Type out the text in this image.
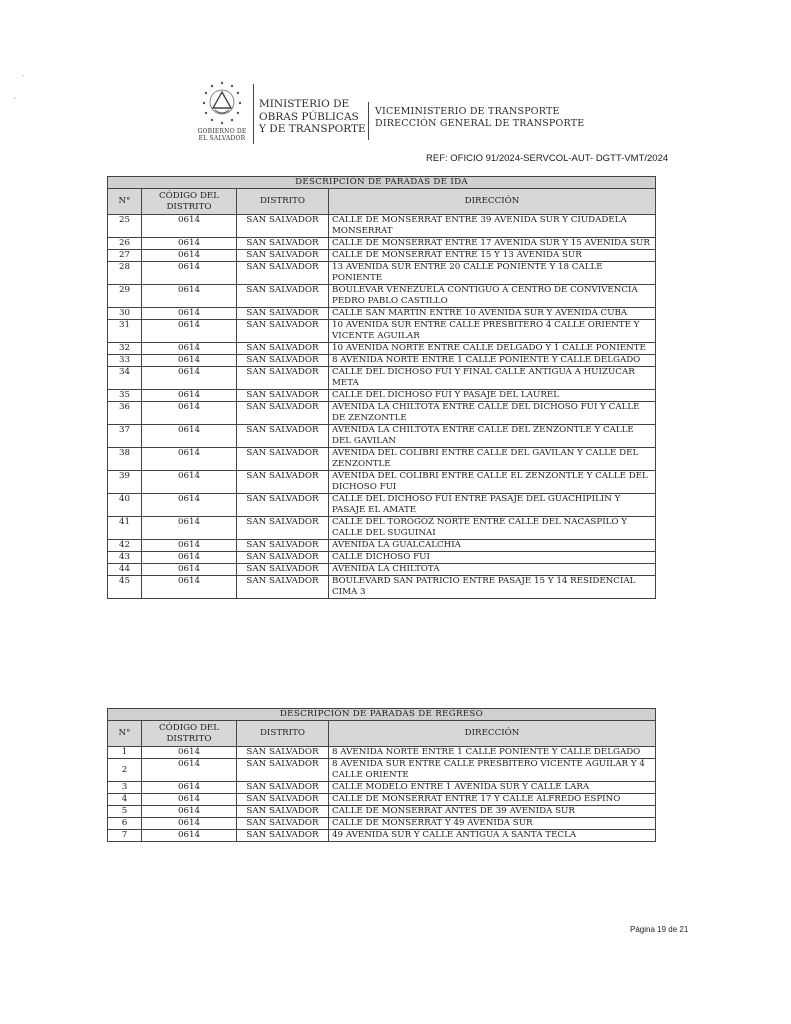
.
,
GOBIERNO DE
EL SALVADOR
MINISTERIO DE
OBRAS PÚBLICAS
Y DE TRANSPORTE
VICEMINISTERIO DE TRANSPORTE
DIRECCIÓN GENERAL DE TRANSPORTE
REF: OFICIO 91/2024-SERVCOL-AUT- DGTT-VMT/2024
DESCRIPCIÓN DE PARADAS DE IDA			
N°	CÓDIGO DEL DISTRITO	DISTRITO	DIRECCIÓN
25	0614	SAN SALVADOR	CALLE DE MONSERRAT ENTRE 39 AVENIDA SUR Y CIUDADELA MONSERRAT
26	0614	SAN SALVADOR	CALLE DE MONSERRAT ENTRE 17 AVENIDA SUR Y 15 AVENIDA SUR
27	0614	SAN SALVADOR	CALLE DE MONSERRAT ENTRE 15 Y 13 AVENIDA SUR
28	0614	SAN SALVADOR	13 AVENIDA SUR ENTRE 20 CALLE PONIENTE Y 18 CALLE PONIENTE
29	0614	SAN SALVADOR	BOULEVAR VENEZUELA CONTIGUO A CENTRO DE CONVIVENCIA PEDRO PABLO CASTILLO
30	0614	SAN SALVADOR	CALLE SAN MARTIN ENTRE 10 AVENIDA SUR Y AVENIDA CUBA
31	0614	SAN SALVADOR	10 AVENIDA SUR ENTRE CALLE PRESBITERO 4 CALLE ORIENTE Y VICENTE AGUILAR
32	0614	SAN SALVADOR	10 AVENIDA NORTE ENTRE CALLE DELGADO Y 1 CALLE PONIENTE
33	0614	SAN SALVADOR	8 AVENIDA NORTE ENTRE 1 CALLE PONIENTE Y CALLE DELGADO
34	0614	SAN SALVADOR	CALLE DEL DICHOSO FUI Y FINAL CALLE ANTIGUA A HUIZUCAR META
35	0614	SAN SALVADOR	CALLE DEL DICHOSO FUI Y PASAJE DEL LAUREL
36	0614	SAN SALVADOR	AVENIDA LA CHILTOTA ENTRE CALLE DEL DICHOSO FUI Y CALLE DE ZENZONTLE
37	0614	SAN SALVADOR	AVENIDA LA CHILTOTA ENTRE CALLE DEL ZENZONTLE Y CALLE DEL GAVILAN
38	0614	SAN SALVADOR	AVENIDA DEL COLIBRI ENTRE CALLE DEL GAVILAN Y CALLE DEL ZENZONTLE
39	0614	SAN SALVADOR	AVENIDA DEL COLIBRI ENTRE CALLE EL ZENZONTLE Y CALLE DEL DICHOSO FUI
40	0614	SAN SALVADOR	CALLE DEL DICHOSO FUI ENTRE PASAJE DEL GUACHIPILIN Y PASAJE EL AMATE
41	0614	SAN SALVADOR	CALLE DEL TOROGOZ NORTE ENTRE CALLE DEL NACASPILO Y CALLE DEL SUGUINAI
42	0614	SAN SALVADOR	AVENIDA LA GUALCALCHIA
43	0614	SAN SALVADOR	CALLE DICHOSO FUI
44	0614	SAN SALVADOR	AVENIDA LA CHILTOTA
45	0614	SAN SALVADOR	BOULEVARD SAN PATRICIO ENTRE PASAJE 15 Y 14 RESIDENCIAL CIMA 3
DESCRIPCIÓN DE PARADAS DE REGRESO			
N°	CÓDIGO DEL DISTRITO	DISTRITO	DIRECCIÓN
1	0614	SAN SALVADOR	8 AVENIDA NORTE ENTRE 1 CALLE PONIENTE Y CALLE DELGADO
2	0614	SAN SALVADOR	8 AVENIDA SUR ENTRE CALLE PRESBITERO VICENTE AGUILAR Y 4 CALLE ORIENTE
3	0614	SAN SALVADOR	CALLE MODELO ENTRE 1 AVENIDA SUR Y CALLE LARA
4	0614	SAN SALVADOR	CALLE DE MONSERRAT ENTRE 17 Y CALLE ALFREDO ESPINO
5	0614	SAN SALVADOR	CALLE DE MONSERRAT ANTES DE 39 AVENIDA SUR
6	0614	SAN SALVADOR	CALLE DE MONSERRAT Y 49 AVENIDA SUR
7	0614	SAN SALVADOR	49 AVENIDA SUR Y CALLE ANTIGUA A SANTA TECLA
Página 19 de 21
